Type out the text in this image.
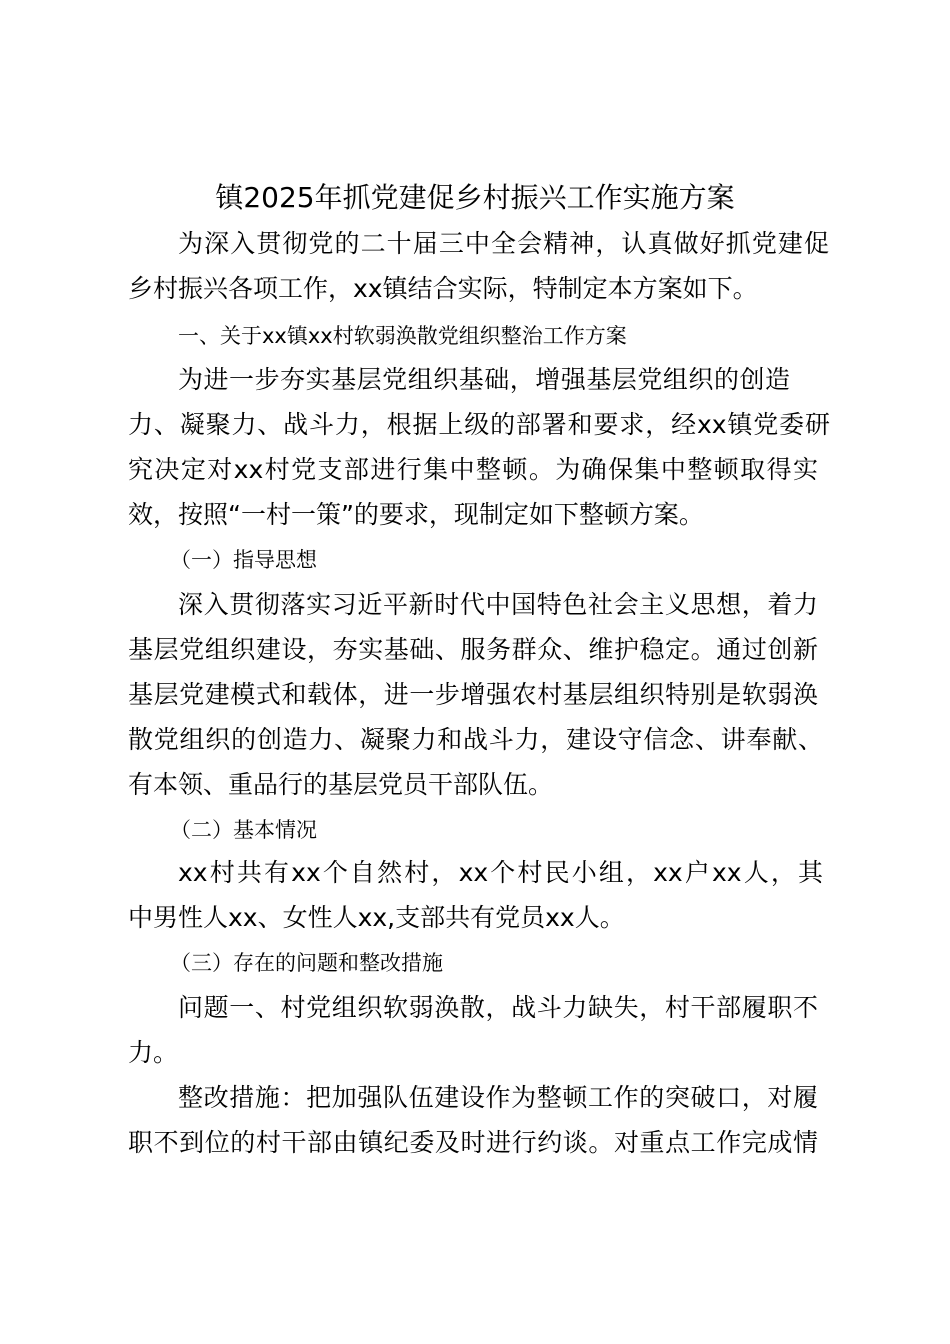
镇2025年抓党建促乡村振兴工作实施方案
为深入贯彻党的二十届三中全会精神，认真做好抓党建促
乡村振兴各项工作，xx镇结合实际，特制定本方案如下。
一、关于xx镇xx村软弱涣散党组织整治工作方案
为进一步夯实基层党组织基础，增强基层党组织的创造
力、凝聚力、战斗力，根据上级的部署和要求，经xx镇党委研
究决定对xx村党支部进行集中整顿。为确保集中整顿取得实
效，按照“一村一策”的要求，现制定如下整顿方案。
（一）指导思想
深入贯彻落实习近平新时代中国特色社会主义思想，着力
基层党组织建设，夯实基础、服务群众、维护稳定。通过创新
基层党建模式和载体，进一步增强农村基层组织特别是软弱涣
散党组织的创造力、凝聚力和战斗力，建设守信念、讲奉献、
有本领、重品行的基层党员干部队伍。
（二）基本情况
xx村共有xx个自然村，xx个村民小组，xx户xx人，其
中男性人xx、女性人xx,支部共有党员xx人。
（三）存在的问题和整改措施
问题一、村党组织软弱涣散，战斗力缺失，村干部履职不
力。
整改措施：把加强队伍建设作为整顿工作的突破口，对履
职不到位的村干部由镇纪委及时进行约谈。对重点工作完成情
